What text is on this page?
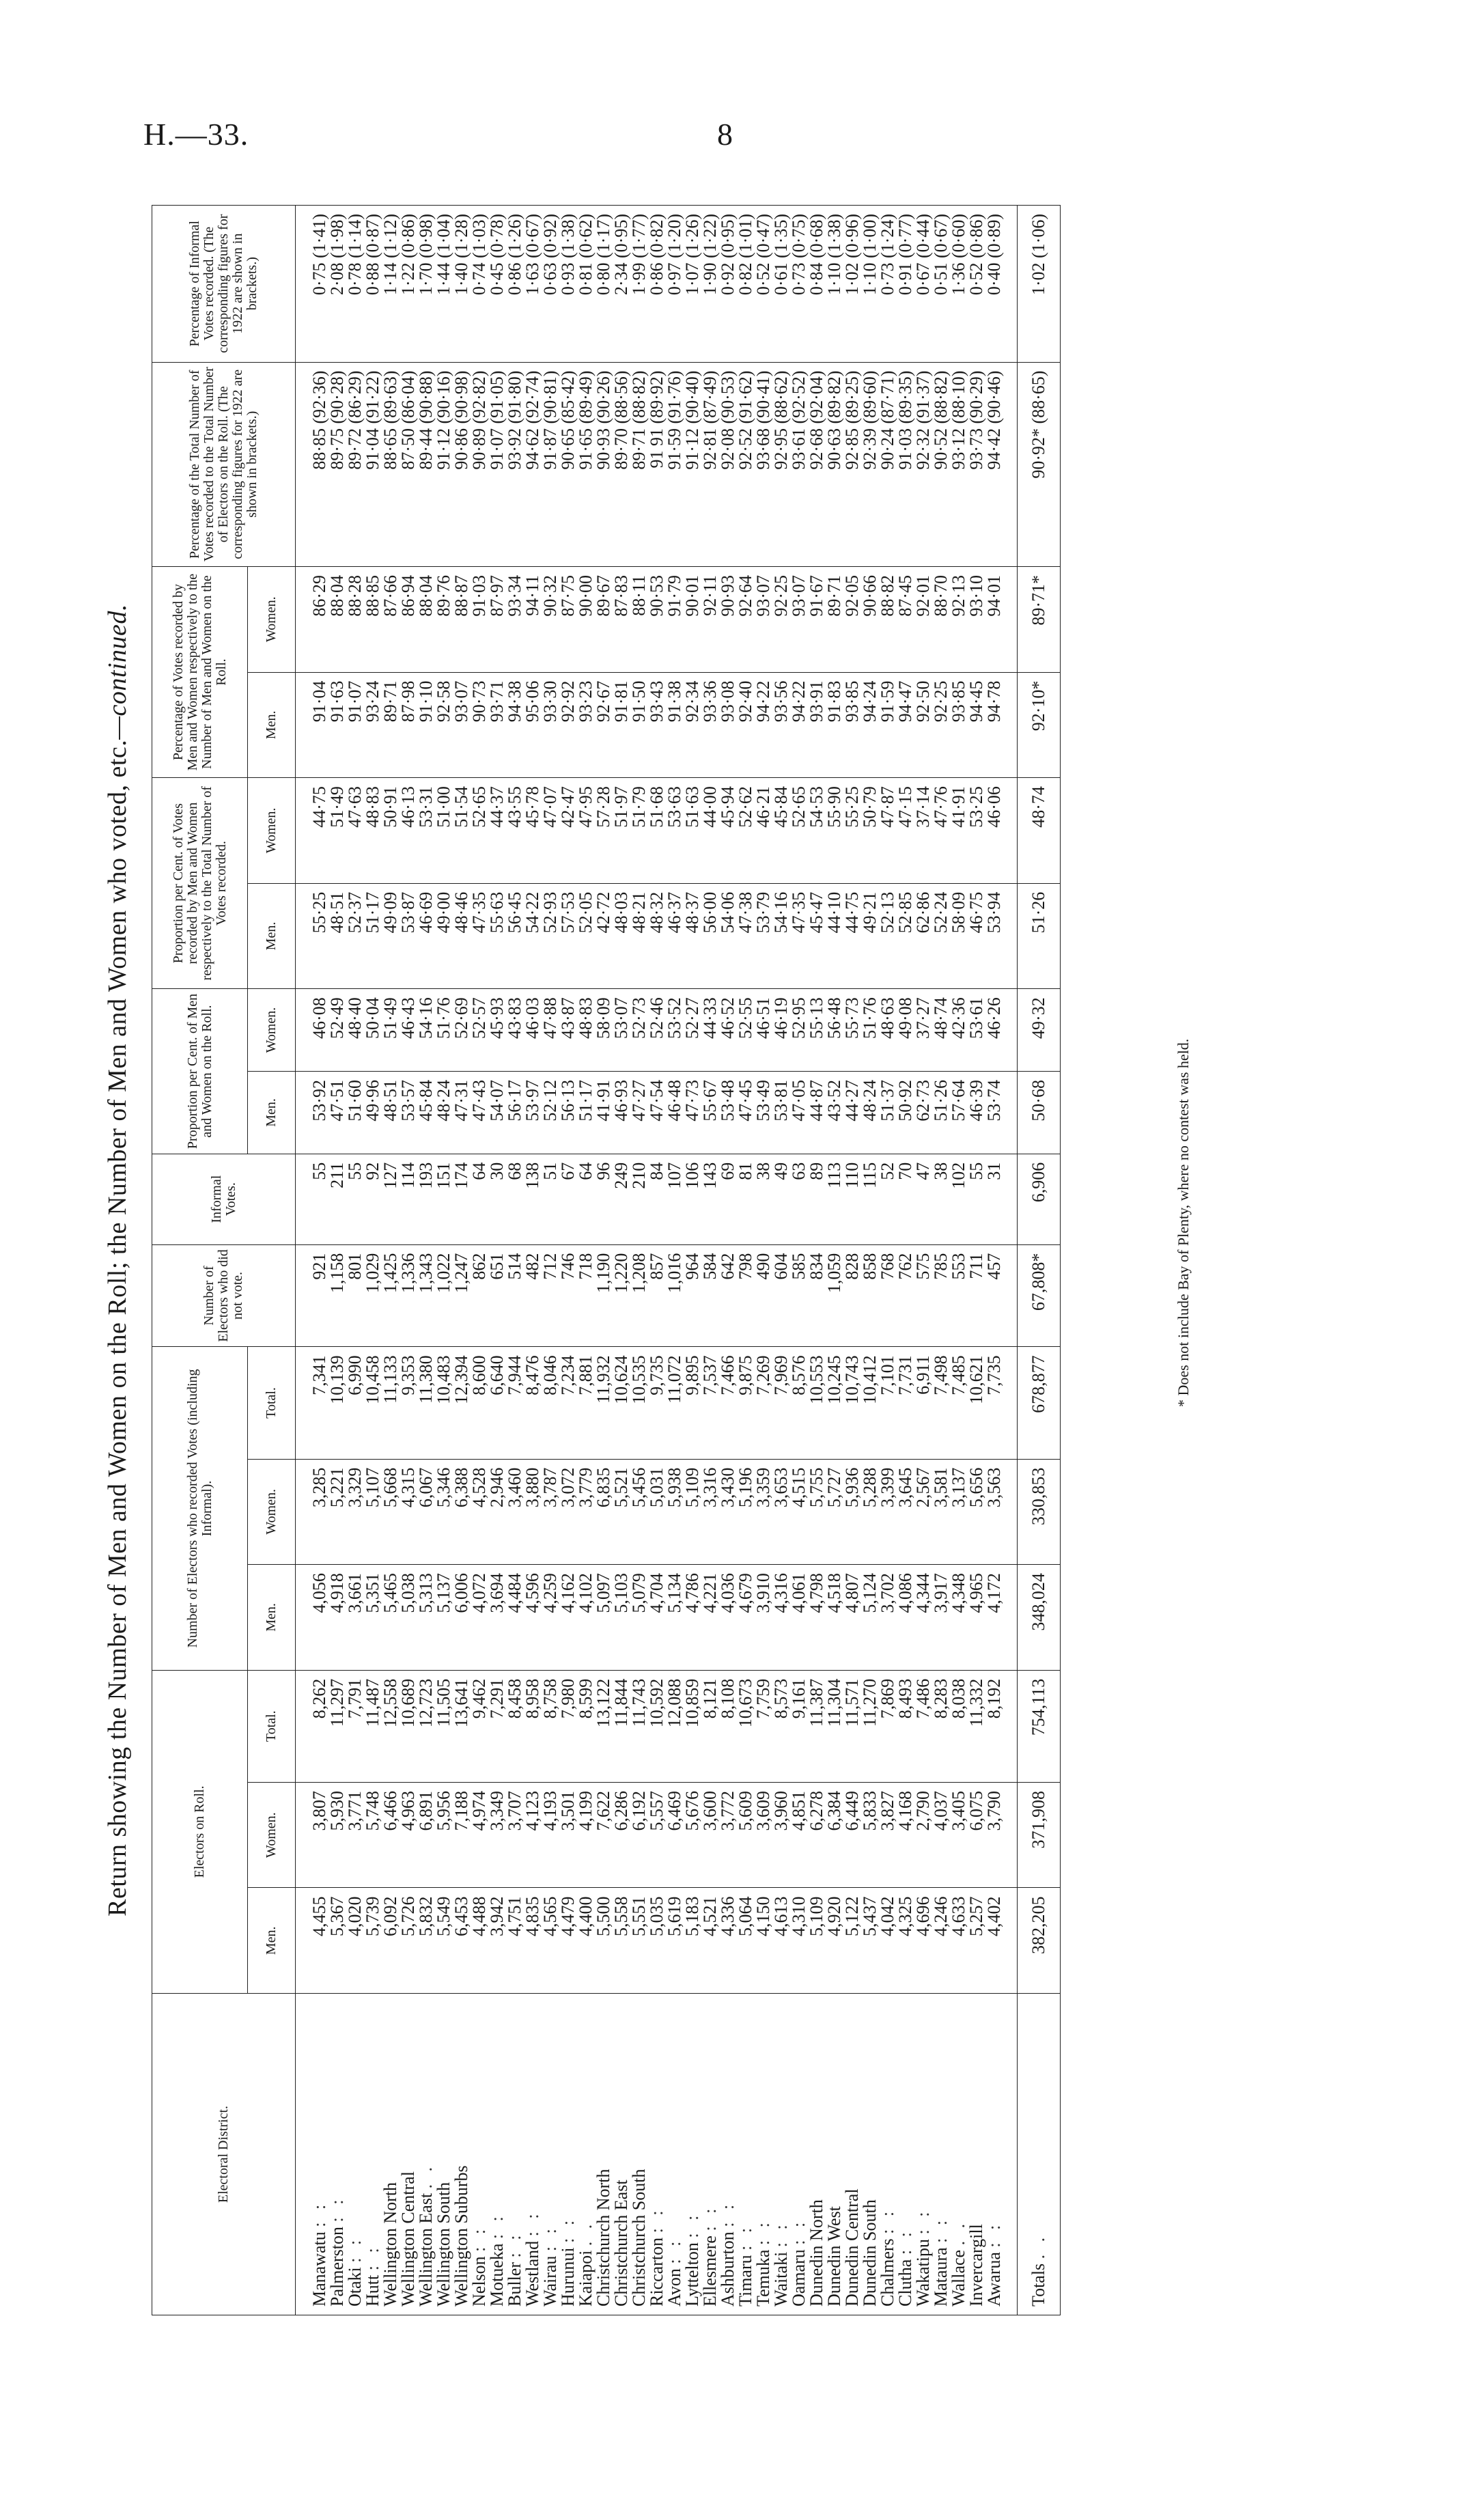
H.—33.	8
Return showing the Number of Men and Women on the Roll; the Number of Men and Women who voted, etc.—continued.
Electoral District.	Electors on Roll.			Number of Electors who recorded Votes (including Informal).			Number of Electors who did not vote.	Informal Votes.	Proportion per Cent. of Men and Women on the Roll.		Proportion per Cent. of Votes recorded by Men and Women respectively to the Total Number of Votes recorded.		Percentage of Votes recorded by Men and Women respectively to the Number of Men and Women on the Roll.		Percentage of the Total Number of Votes recorded to the Total Number of Electors on the Roll. (The corresponding figures for 1922 are shown in brackets.)	Percentage of Informal Votes recorded. (The corresponding figures for 1922 are shown in brackets.)
	Men.	Women.	Total.	Men.	Women.	Total.			Men.	Women.	Men.	Women.	Men.	Women.		
Manawatu : :	4,455	3,807	8,262	4,056	3,285	7,341	921	55	53·92	46·08	55·25	44·75	91·04	86·29	88·85 (92·36)	0·75 (1·41)
Palmerston : :	5,367	5,930	11,297	4,918	5,221	10,139	1,158	211	47·51	52·49	48·51	51·49	91·63	88·04	89·75 (90·28)	2·08 (1·98)
Otaki : :	4,020	3,771	7,791	3,661	3,329	6,990	801	55	51·60	48·40	52·37	47·63	91·07	88·28	89·72 (86·29)	0·78 (1·14)
Hutt : :	5,739	5,748	11,487	5,351	5,107	10,458	1,029	92	49·96	50·04	51·17	48·83	93·24	88·85	91·04 (91·22)	0·88 (0·87)
Wellington North	6,092	6,466	12,558	5,465	5,668	11,133	1,425	127	48·51	51·49	49·09	50·91	89·71	87·66	88·65 (89·63)	1·14 (1·12)
Wellington Central	5,726	4,963	10,689	5,038	4,315	9,353	1,336	114	53·57	46·43	53·87	46·13	87·98	86·94	87·50 (86·04)	1·22 (0·86)
Wellington East . .	5,832	6,891	12,723	5,313	6,067	11,380	1,343	193	45·84	54·16	46·69	53·31	91·10	88·04	89·44 (90·88)	1·70 (0·98)
Wellington South	5,549	5,956	11,505	5,137	5,346	10,483	1,022	151	48·24	51·76	49·00	51·00	92·58	89·76	91·12 (90·16)	1·44 (1·04)
Wellington Suburbs	6,453	7,188	13,641	6,006	6,388	12,394	1,247	174	47·31	52·69	48·46	51·54	93·07	88·87	90·86 (90·98)	1·40 (1·28)
Nelson : :	4,488	4,974	9,462	4,072	4,528	8,600	862	64	47·43	52·57	47·35	52·65	90·73	91·03	90·89 (92·82)	0·74 (1·03)
Motueka : :	3,942	3,349	7,291	3,694	2,946	6,640	651	30	54·07	45·93	55·63	44·37	93·71	87·97	91·07 (91·05)	0·45 (0·78)
Buller : :	4,751	3,707	8,458	4,484	3,460	7,944	514	68	56·17	43·83	56·45	43·55	94·38	93·34	93·92 (91·80)	0·86 (1·26)
Westland : :	4,835	4,123	8,958	4,596	3,880	8,476	482	138	53·97	46·03	54·22	45·78	95·06	94·11	94·62 (92·74)	1·63 (0·67)
Wairau : :	4,565	4,193	8,758	4,259	3,787	8,046	712	51	52·12	47·88	52·93	47·07	93·30	90·32	91·87 (90·81)	0·63 (0·92)
Hurunui : :	4,479	3,501	7,980	4,162	3,072	7,234	746	67	56·13	43·87	57·53	42·47	92·92	87·75	90·65 (85·42)	0·93 (1·38)
Kaiapoi . .	4,400	4,199	8,599	4,102	3,779	7,881	718	64	51·17	48·83	52·05	47·95	93·23	90·00	91·65 (89·49)	0·81 (0·62)
Christchurch North	5,500	7,622	13,122	5,097	6,835	11,932	1,190	96	41·91	58·09	42·72	57·28	92·67	89·67	90·93 (90·26)	0·80 (1·17)
Christchurch East	5,558	6,286	11,844	5,103	5,521	10,624	1,220	249	46·93	53·07	48·03	51·97	91·81	87·83	89·70 (88·56)	2·34 (0·95)
Christchurch South	5,551	6,192	11,743	5,079	5,456	10,535	1,208	210	47·27	52·73	48·21	51·79	91·50	88·11	89·71 (88·82)	1·99 (1·77)
Riccarton : :	5,035	5,557	10,592	4,704	5,031	9,735	857	84	47·54	52·46	48·32	51·68	93·43	90·53	91 91 (89·92)	0·86 (0·82)
Avon : :	5,619	6,469	12,088	5,134	5,938	11,072	1,016	107	46·48	53·52	46·37	53·63	91·38	91·79	91·59 (91·76)	0·97 (1·20)
Lyttelton : :	5,183	5,676	10,859	4,786	5,109	9,895	964	106	47·73	52·27	48·37	51·63	92·34	90·01	91·12 (90·40)	1·07 (1·26)
Ellesmere : :	4,521	3,600	8,121	4,221	3,316	7,537	584	143	55·67	44·33	56·00	44·00	93·36	92·11	92·81 (87·49)	1·90 (1·22)
Ashburton : :	4,336	3,772	8,108	4,036	3,430	7,466	642	69	53·48	46·52	54·06	45·94	93·08	90·93	92·08 (90·53)	0·92 (0·95)
Timaru : :	5,064	5,609	10,673	4,679	5,196	9,875	798	81	47·45	52·55	47·38	52·62	92·40	92·64	92·52 (91·62)	0·82 (1·01)
Temuka : :	4,150	3,609	7,759	3,910	3,359	7,269	490	38	53·49	46·51	53·79	46·21	94·22	93·07	93·68 (90·41)	0·52 (0·47)
Waitaki : :	4,613	3,960	8,573	4,316	3,653	7,969	604	49	53·81	46·19	54·16	45·84	93·56	92·25	92·95 (88·62)	0·61 (1·35)
Oamaru : :	4,310	4,851	9,161	4,061	4,515	8,576	585	63	47·05	52·95	47·35	52·65	94·22	93·07	93·61 (92·52)	0·73 (0·75)
Dunedin North	5,109	6,278	11,387	4,798	5,755	10,553	834	89	44·87	55·13	45·47	54·53	93·91	91·67	92·68 (92·04)	0·84 (0·68)
Dunedin West	4,920	6,384	11,304	4,518	5,727	10,245	1,059	113	43·52	56·48	44·10	55·90	91·83	89·71	90·63 (89·82)	1·10 (1·38)
Dunedin Central	5,122	6,449	11,571	4,807	5,936	10,743	828	110	44·27	55·73	44·75	55·25	93·85	92·05	92·85 (89·25)	1·02 (0·96)
Dunedin South	5,437	5,833	11,270	5,124	5,288	10,412	858	115	48·24	51·76	49·21	50·79	94·24	90·66	92·39 (89·60)	1·10 (1·00)
Chalmers : :	4,042	3,827	7,869	3,702	3,399	7,101	768	52	51·37	48·63	52·13	47·87	91·59	88·82	90·24 (87·71)	0·73 (1·24)
Clutha : :	4,325	4,168	8,493	4,086	3,645	7,731	762	70	50·92	49·08	52·85	47·15	94·47	87·45	91·03 (89·35)	0·91 (0·77)
Wakatipu : :	4,696	2,790	7,486	4,344	2,567	6,911	575	47	62·73	37·27	62·86	37·14	92·50	92·01	92·32 (91·37)	0·67 (0·44)
Mataura : :	4,246	4,037	8,283	3,917	3,581	7,498	785	38	51·26	48·74	52·24	47·76	92·25	88·70	90·52 (88·82)	0·51 (0·67)
Wallace . .	4,633	3,405	8,038	4,348	3,137	7,485	553	102	57·64	42·36	58·09	41·91	93·85	92·13	93·12 (88·10)	1·36 (0·60)
Invercargill	5,257	6,075	11,332	4,965	5,656	10,621	711	55	46·39	53·61	46·75	53·25	94·45	93·10	93·73 (90·29)	0·52 (0·86)
Awarua : :	4,402	3,790	8,192	4,172	3,563	7,735	457	31	53·74	46·26	53·94	46·06	94·78	94·01	94·42 (90·46)	0·40 (0·89)
Totals . .	382,205	371,908	754,113	348,024	330,853	678,877	67,808*	6,906	50·68	49·32	51·26	48·74	92·10*	89·71*	90·92* (88·65)	1·02 (1·06)
* Does not include Bay of Plenty, where no contest was held.
